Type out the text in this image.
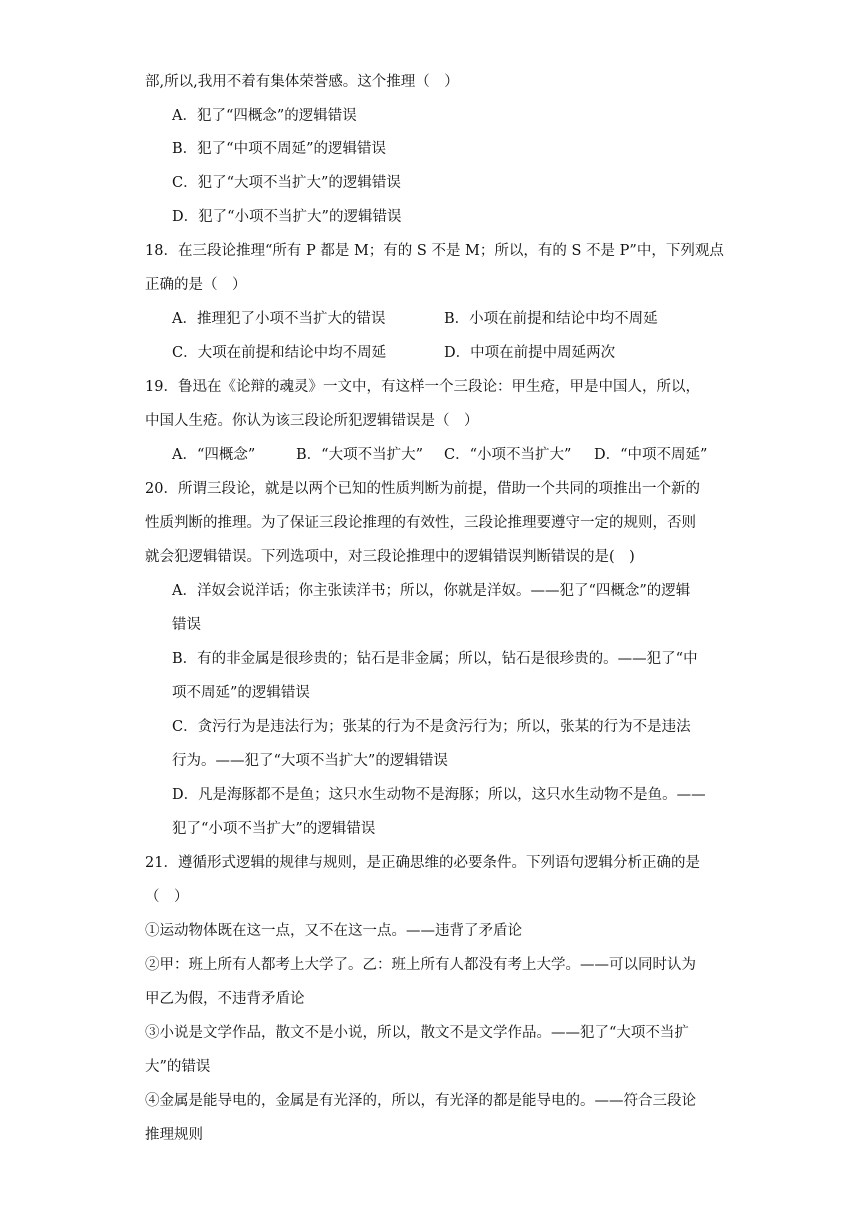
部,所以,我用不着有集体荣誉感。这个推理（　）
A．犯了“四概念”的逻辑错误
B．犯了“中项不周延”的逻辑错误
C．犯了“大项不当扩大”的逻辑错误
D．犯了“小项不当扩大”的逻辑错误
18．在三段论推理“所有 P 都是 M；有的 S 不是 M；所以，有的 S 不是 P”中，下列观点
正确的是（　）
A．推理犯了小项不当扩大的错误	B．小项在前提和结论中均不周延
C．大项在前提和结论中均不周延	D．中项在前提中周延两次
19．鲁迅在《论辩的魂灵》一文中，有这样一个三段论：甲生疮，甲是中国人，所以，
中国人生疮。你认为该三段论所犯逻辑错误是（　）
A．“四概念”	B．“大项不当扩大” C．“小项不当扩大” D．“中项不周延”
20．所谓三段论，就是以两个已知的性质判断为前提，借助一个共同的项推出一个新的
性质判断的推理。为了保证三段论推理的有效性，三段论推理要遵守一定的规则，否则
就会犯逻辑错误。下列选项中，对三段论推理中的逻辑错误判断错误的是(　)
A．洋奴会说洋话；你主张读洋书；所以，你就是洋奴。——犯了“四概念”的逻辑
错误
B．有的非金属是很珍贵的；钻石是非金属；所以，钻石是很珍贵的。——犯了“中
项不周延”的逻辑错误
C．贪污行为是违法行为；张某的行为不是贪污行为；所以，张某的行为不是违法
行为。——犯了“大项不当扩大”的逻辑错误
D．凡是海豚都不是鱼；这只水生动物不是海豚；所以，这只水生动物不是鱼。——
犯了“小项不当扩大”的逻辑错误
21．遵循形式逻辑的规律与规则，是正确思维的必要条件。下列语句逻辑分析正确的是
（　）
①运动物体既在这一点，又不在这一点。——违背了矛盾论
②甲：班上所有人都考上大学了。乙：班上所有人都没有考上大学。——可以同时认为
甲乙为假，不违背矛盾论
③小说是文学作品，散文不是小说，所以，散文不是文学作品。——犯了“大项不当扩
大”的错误
④金属是能导电的，金属是有光泽的，所以，有光泽的都是能导电的。——符合三段论
推理规则
